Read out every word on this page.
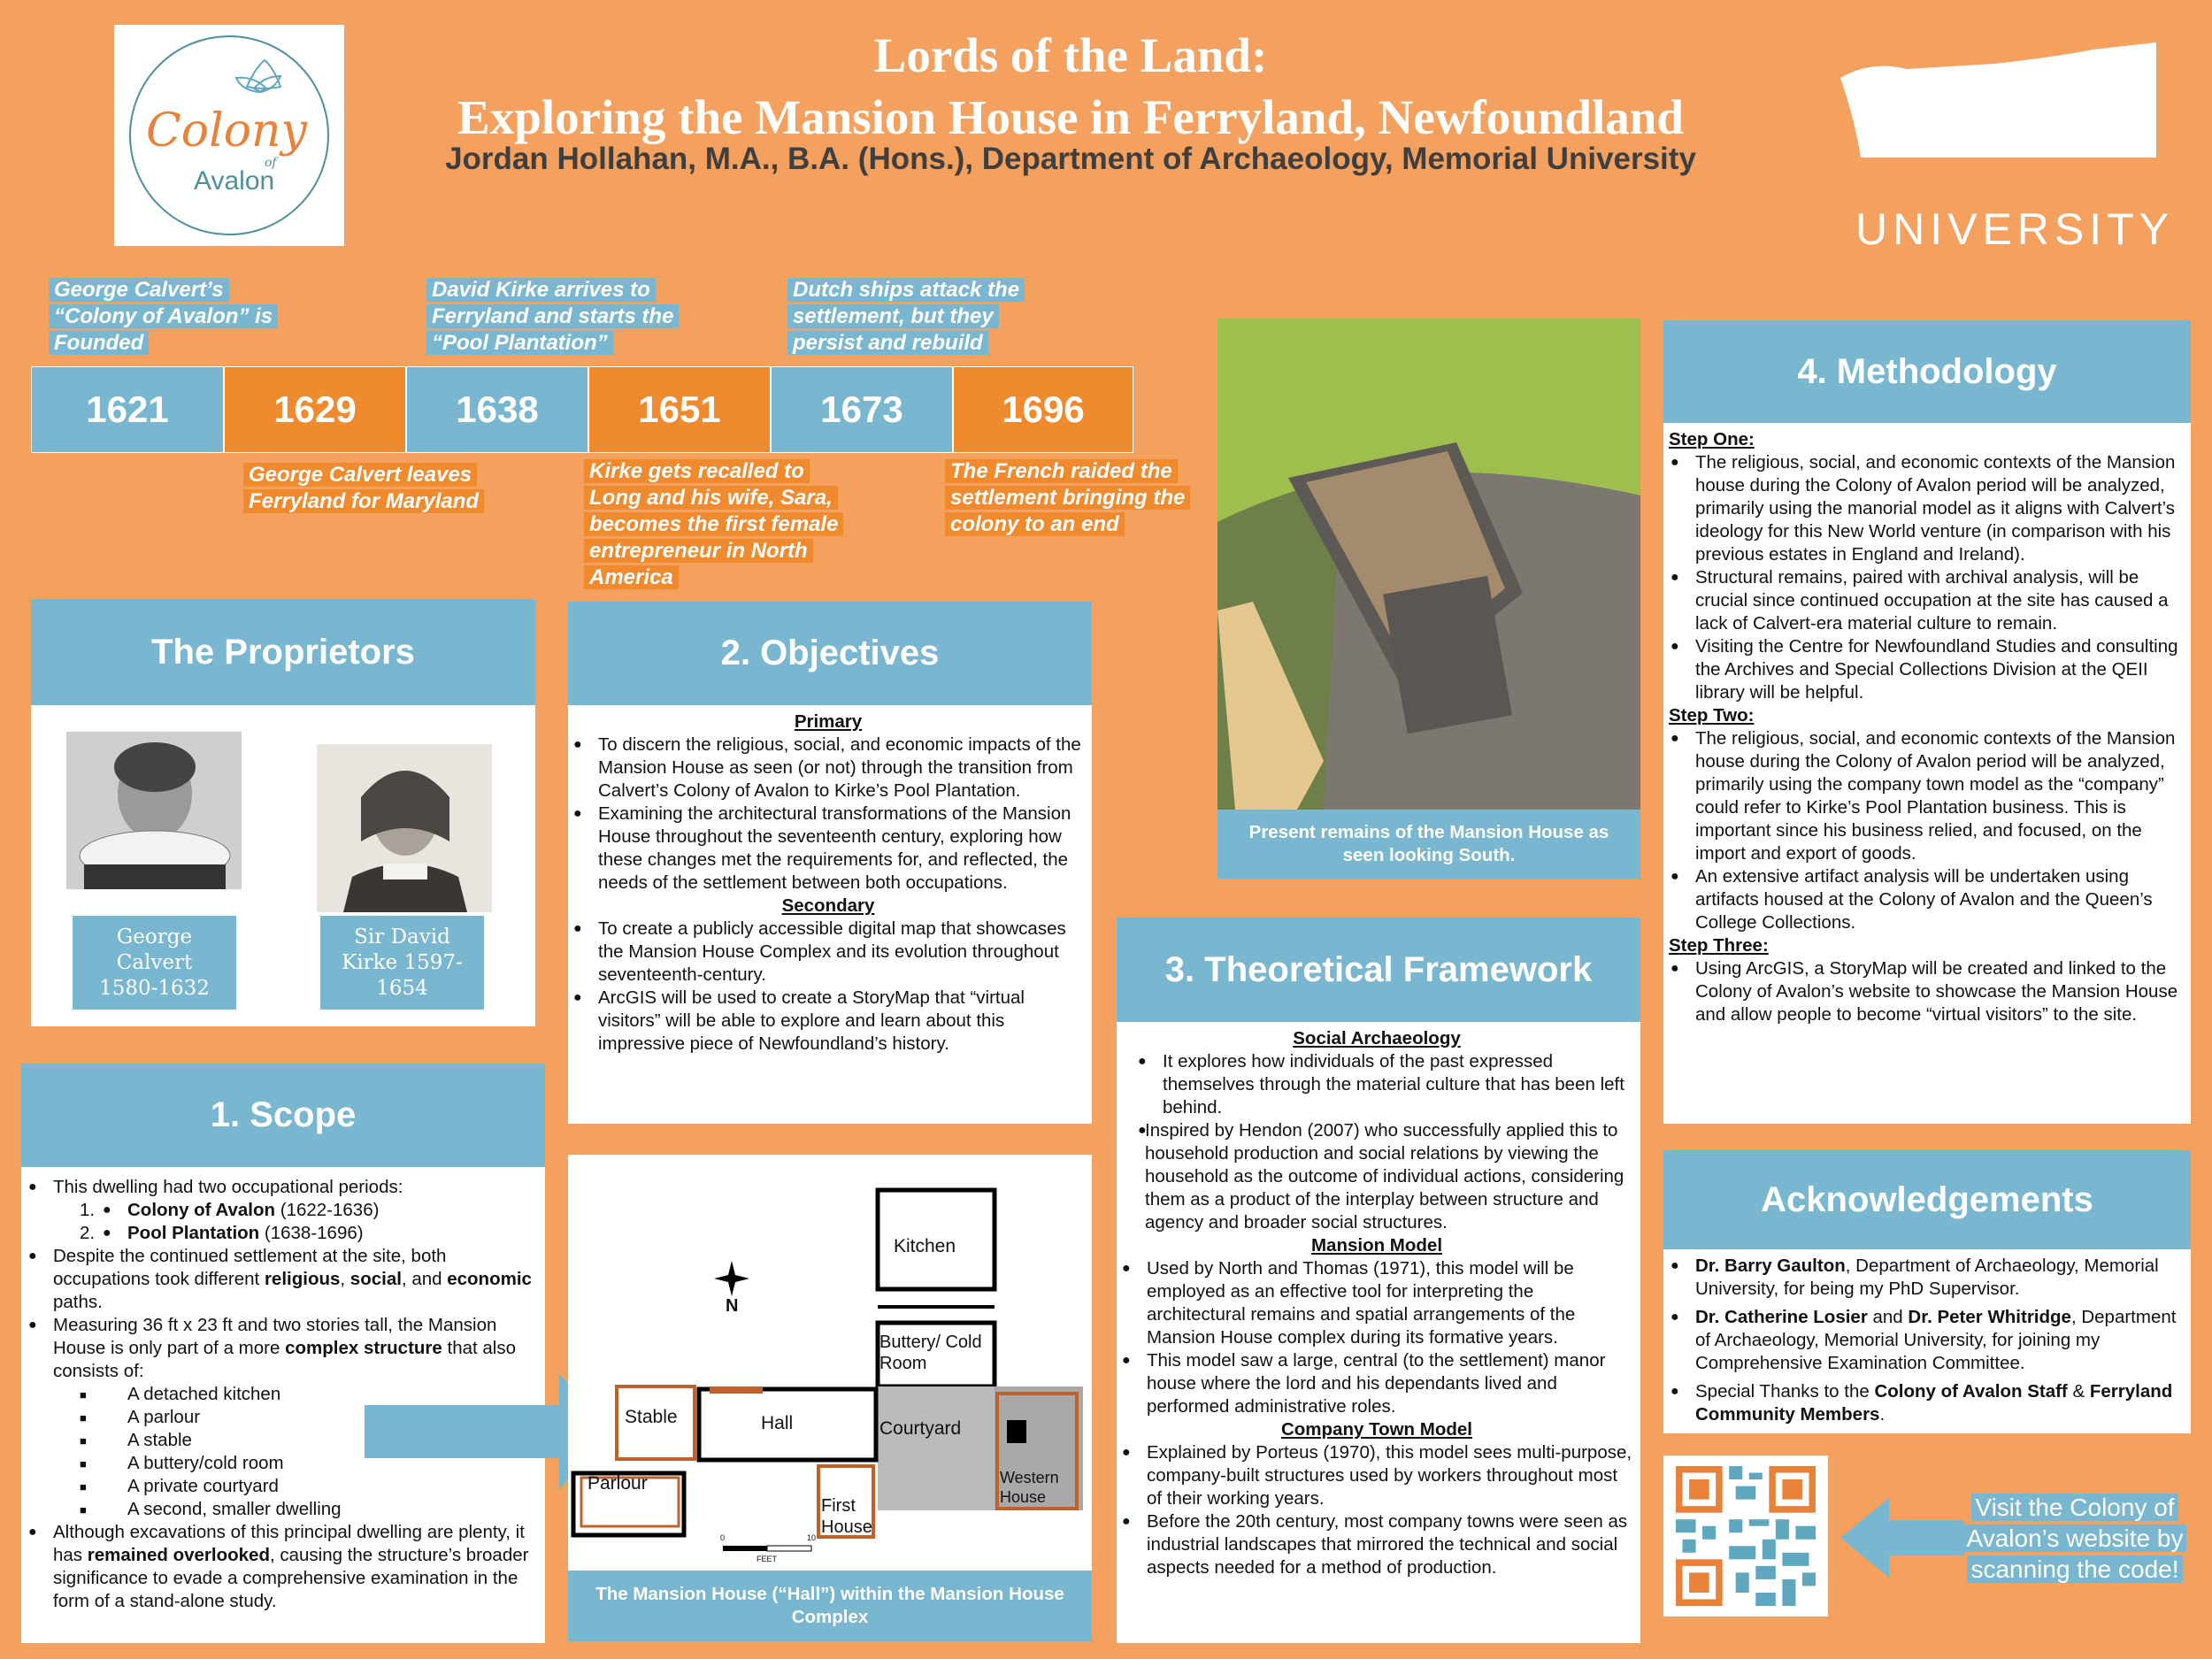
Colony
of
Avalon
Lords of the Land:
Exploring the Mansion House in Ferryland, Newfoundland
Jordan Hollahan, M.A., B.A. (Hons.), Department of Archaeology, Memorial University	MEMORIAL
UNIVERSITY
George Calvert’s “Colony of Avalon” is Founded
David Kirke arrives to Ferryland and starts the “Pool Plantation”
Dutch ships attack the settlement, but they persist and rebuild
1621	1629	1638	1651	1673	1696
George Calvert leaves Ferryland for Maryland
Kirke gets recalled to Long and his wife, Sara, becomes the first female entrepreneur in North America
The French raided the settlement bringing the colony to an end
The Proprietors
George Calvert 1580-1632
Sir David Kirke 1597-1654
1. Scope
● This dwelling had two occupational periods:
● 1. Colony of Avalon (1622-1636)
● 2. Pool Plantation (1638-1696)
● Despite the continued settlement at the site, both occupations took different religious, social, and economic paths.
● Measuring 36 ft x 23 ft and two stories tall, the Mansion House is only part of a more complex structure that also consists of:
■ A detached kitchen
■ A parlour
■ A stable
■ A buttery/cold room
■ A private courtyard
■ A second, smaller dwelling
● Although excavations of this principal dwelling are plenty, it has remained overlooked, causing the structure’s broader significance to evade a comprehensive examination in the form of a stand-alone study.
2. Objectives
Primary
● To discern the religious, social, and economic impacts of the Mansion House as seen (or not) through the transition from Calvert’s Colony of Avalon to Kirke’s Pool Plantation.
● Examining the architectural transformations of the Mansion House throughout the seventeenth century, exploring how these changes met the requirements for, and reflected, the needs of the settlement between both occupations.
Secondary
● To create a publicly accessible digital map that showcases the Mansion House Complex and its evolution throughout seventeenth-century.
● ArcGIS will be used to create a StoryMap that “virtual visitors” will be able to explore and learn about this impressive piece of Newfoundland’s history.
Kitchen
Buttery/ Cold Room
Stable	Hall	Courtyard
Parlour
First House
Western House
N
0	10
FEET
The Mansion House (“Hall”) within the Mansion House Complex
Present remains of the Mansion House as seen looking South.
3. Theoretical Framework
Social Archaeology
● It explores how individuals of the past expressed themselves through the material culture that has been left behind.
● Inspired by Hendon (2007) who successfully applied this to household production and social relations by viewing the household as the outcome of individual actions, considering them as a product of the interplay between structure and agency and broader social structures.
Mansion Model
● Used by North and Thomas (1971), this model will be employed as an effective tool for interpreting the architectural remains and spatial arrangements of the Mansion House complex during its formative years.
● This model saw a large, central (to the settlement) manor house where the lord and his dependants lived and performed administrative roles.
Company Town Model
● Explained by Porteus (1970), this model sees multi-purpose, company-built structures used by workers throughout most of their working years.
● Before the 20th century, most company towns were seen as industrial landscapes that mirrored the technical and social aspects needed for a method of production.
4. Methodology
Step One:
● The religious, social, and economic contexts of the Mansion house during the Colony of Avalon period will be analyzed, primarily using the manorial model as it aligns with Calvert’s ideology for this New World venture (in comparison with his previous estates in England and Ireland).
● Structural remains, paired with archival analysis, will be crucial since continued occupation at the site has caused a lack of Calvert-era material culture to remain.
● Visiting the Centre for Newfoundland Studies and consulting the Archives and Special Collections Division at the QEII library will be helpful.
Step Two:
● The religious, social, and economic contexts of the Mansion house during the Colony of Avalon period will be analyzed, primarily using the company town model as the “company” could refer to Kirke’s Pool Plantation business. This is important since his business relied, and focused, on the import and export of goods.
● An extensive artifact analysis will be undertaken using artifacts housed at the Colony of Avalon and the Queen’s College Collections.
Step Three:
● Using ArcGIS, a StoryMap will be created and linked to the Colony of Avalon’s website to showcase the Mansion House and allow people to become “virtual visitors” to the site.
Acknowledgements
● Dr. Barry Gaulton, Department of Archaeology, Memorial University, for being my PhD Supervisor.
● Dr. Catherine Losier and Dr. Peter Whitridge, Department of Archaeology, Memorial University, for joining my Comprehensive Examination Committee.
● Special Thanks to the Colony of Avalon Staff & Ferryland Community Members.
Visit the Colony of Avalon’s website by scanning the code!
